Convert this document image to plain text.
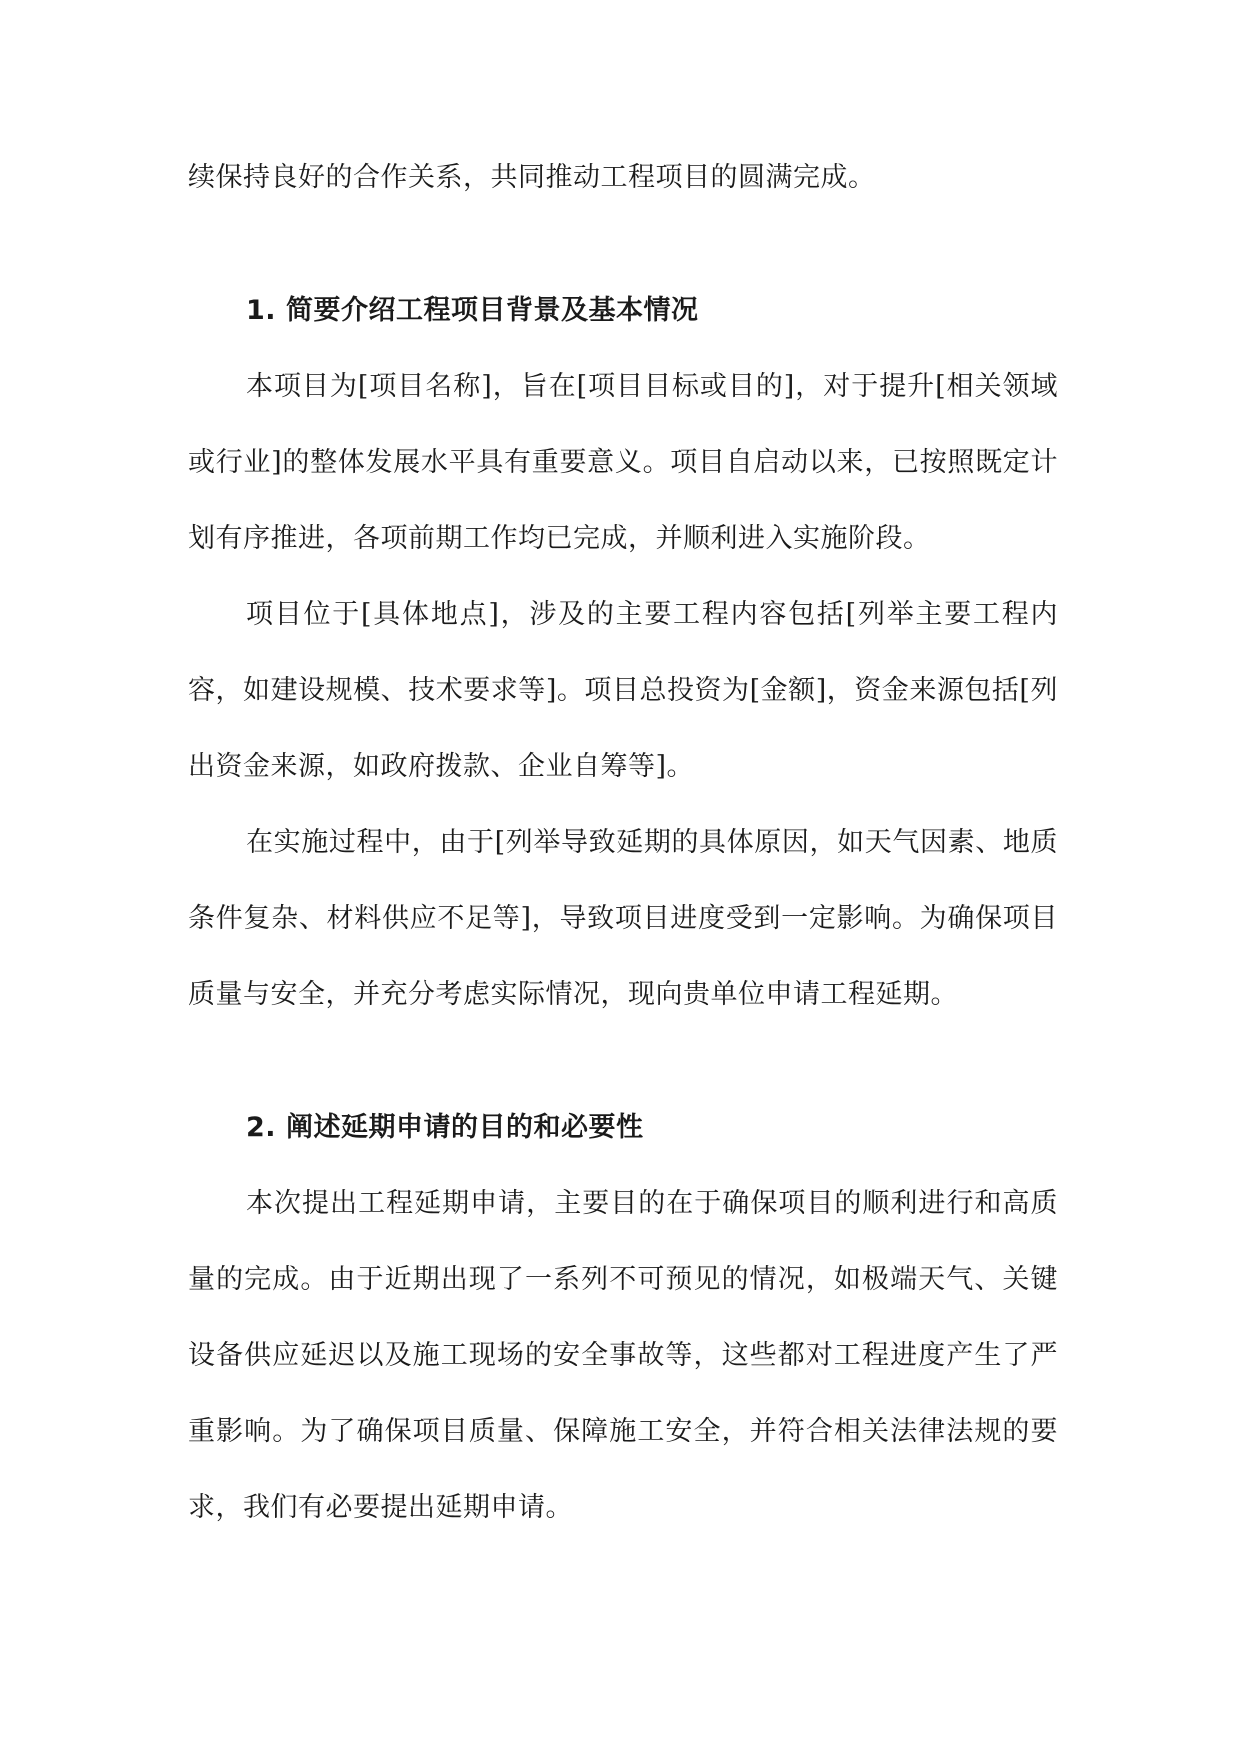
续保持良好的合作关系，共同推动工程项目的圆满完成。

1. 简要介绍工程项目背景及基本情况

本项目为[项目名称]，旨在[项目目标或目的]，对于提升[相关领域或行业]的整体发展水平具有重要意义。项目自启动以来，已按照既定计划有序推进，各项前期工作均已完成，并顺利进入实施阶段。

项目位于[具体地点]，涉及的主要工程内容包括[列举主要工程内容，如建设规模、技术要求等]。项目总投资为[金额]，资金来源包括[列出资金来源，如政府拨款、企业自筹等]。

在实施过程中，由于[列举导致延期的具体原因，如天气因素、地质条件复杂、材料供应不足等]，导致项目进度受到一定影响。为确保项目质量与安全，并充分考虑实际情况，现向贵单位申请工程延期。

2. 阐述延期申请的目的和必要性

本次提出工程延期申请，主要目的在于确保项目的顺利进行和高质量的完成。由于近期出现了一系列不可预见的情况，如极端天气、关键设备供应延迟以及施工现场的安全事故等，这些都对工程进度产生了严重影响。为了确保项目质量、保障施工安全，并符合相关法律法规的要求，我们有必要提出延期申请。
